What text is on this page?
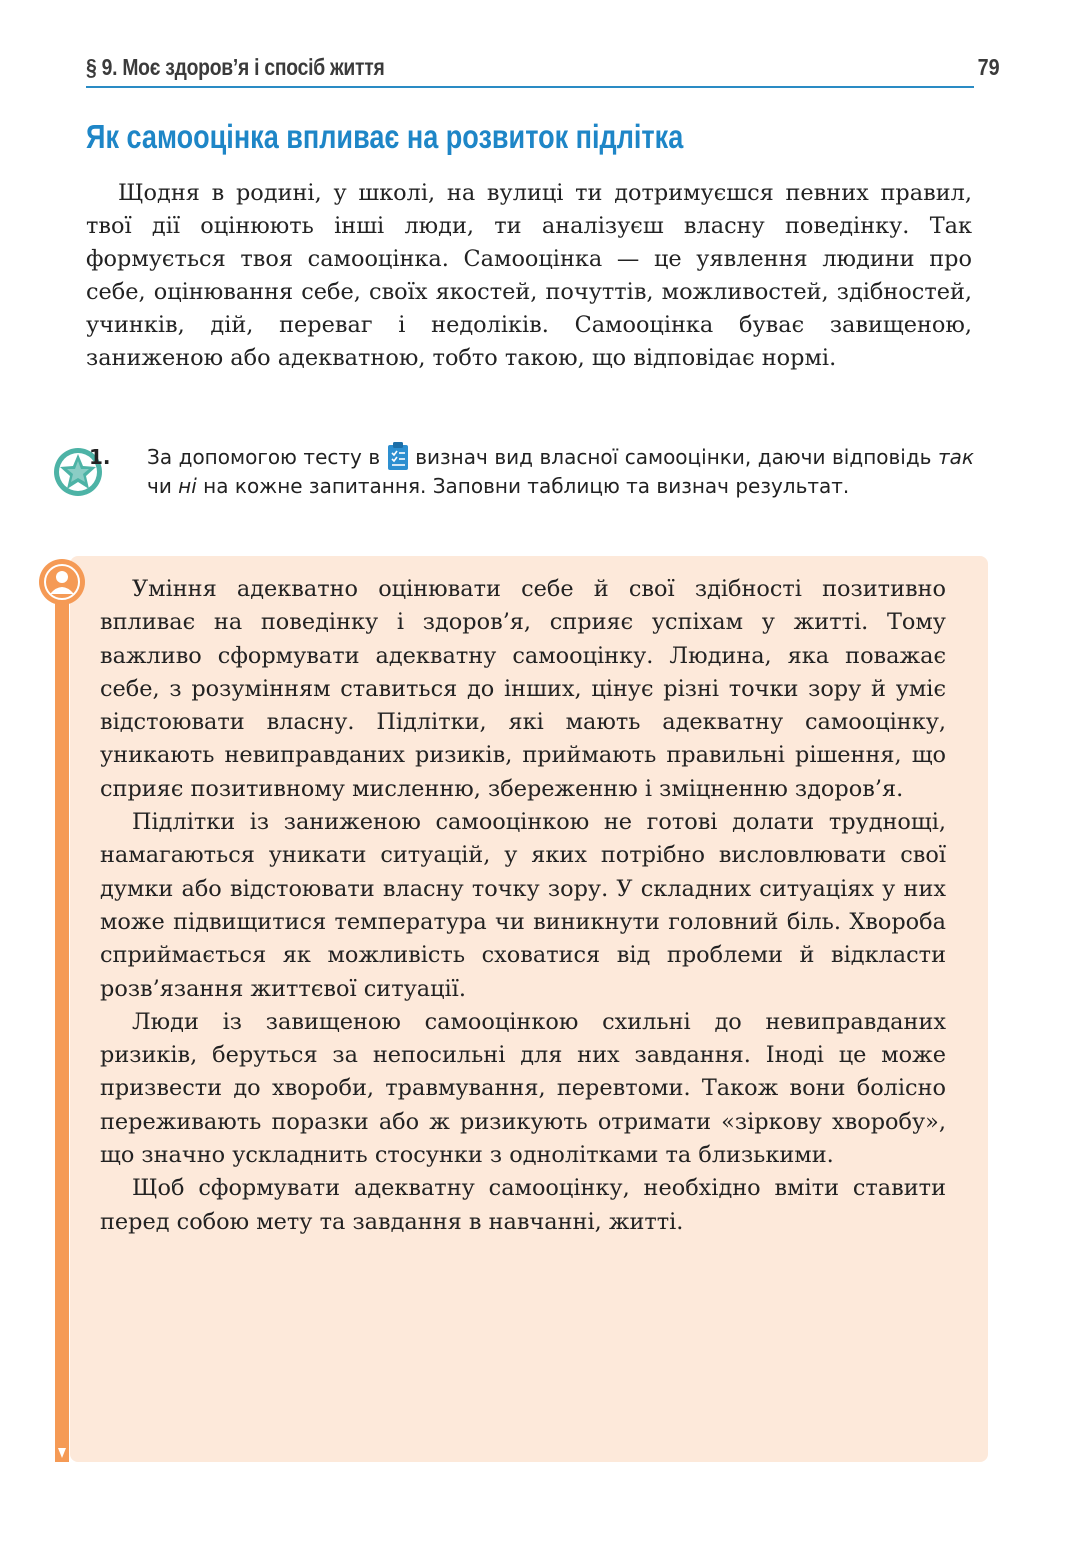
§ 9. Моє здоров’я і спосіб життя	79
Як самооцінка впливає на розвиток підлітка

Щодня в родині, у школі, на вулиці ти дотримуєшся певних правил, твої дії оцінюють інші люди, ти аналізуєш власну поведінку. Так формується твоя самооцінка. Самооцінка — це уявлення людини про себе, оцінювання себе, своїх якостей, почуттів, можливостей, здібностей, учинків, дій, переваг і недоліків. Самооцінка буває завищеною, заниженою або адекватною, тобто такою, що відповідає нормі.

1. За допомогою тесту в  визнач вид власної самооцінки, даючи відповідь так чи ні на кожне запитання. Заповни таблицю та визнач результат.

Уміння адекватно оцінювати себе й свої здібності позитивно впливає на поведінку і здоров’я, сприяє успіхам у житті. Тому важливо сформувати адекватну самооцінку. Людина, яка поважає себе, з розумінням ставиться до інших, цінує різні точки зору й уміє відстоювати власну. Підлітки, які мають адекватну самооцінку, уникають невиправданих ризиків, приймають правильні рішення, що сприяє позитивному мисленню, збереженню і зміцненню здоров’я.

Підлітки із заниженою самооцінкою не готові долати труднощі, намагаються уникати ситуацій, у яких потрібно висловлювати свої думки або відстоювати власну точку зору. У складних ситуаціях у них може підвищитися температура чи виникнути головний біль. Хвороба сприймається як можливість сховатися від проблеми й відкласти розв’язання життєвої ситуації.

Люди із завищеною самооцінкою схильні до невиправданих ризиків, беруться за непосильні для них завдання. Іноді це може призвести до хвороби, травмування, перевтоми. Також вони болісно переживають поразки або ж ризикують отримати «зіркову хворобу», що значно ускладнить стосунки з однолітками та близькими.

Щоб сформувати адекватну самооцінку, необхідно вміти ставити перед собою мету та завдання в навчанні, житті.
